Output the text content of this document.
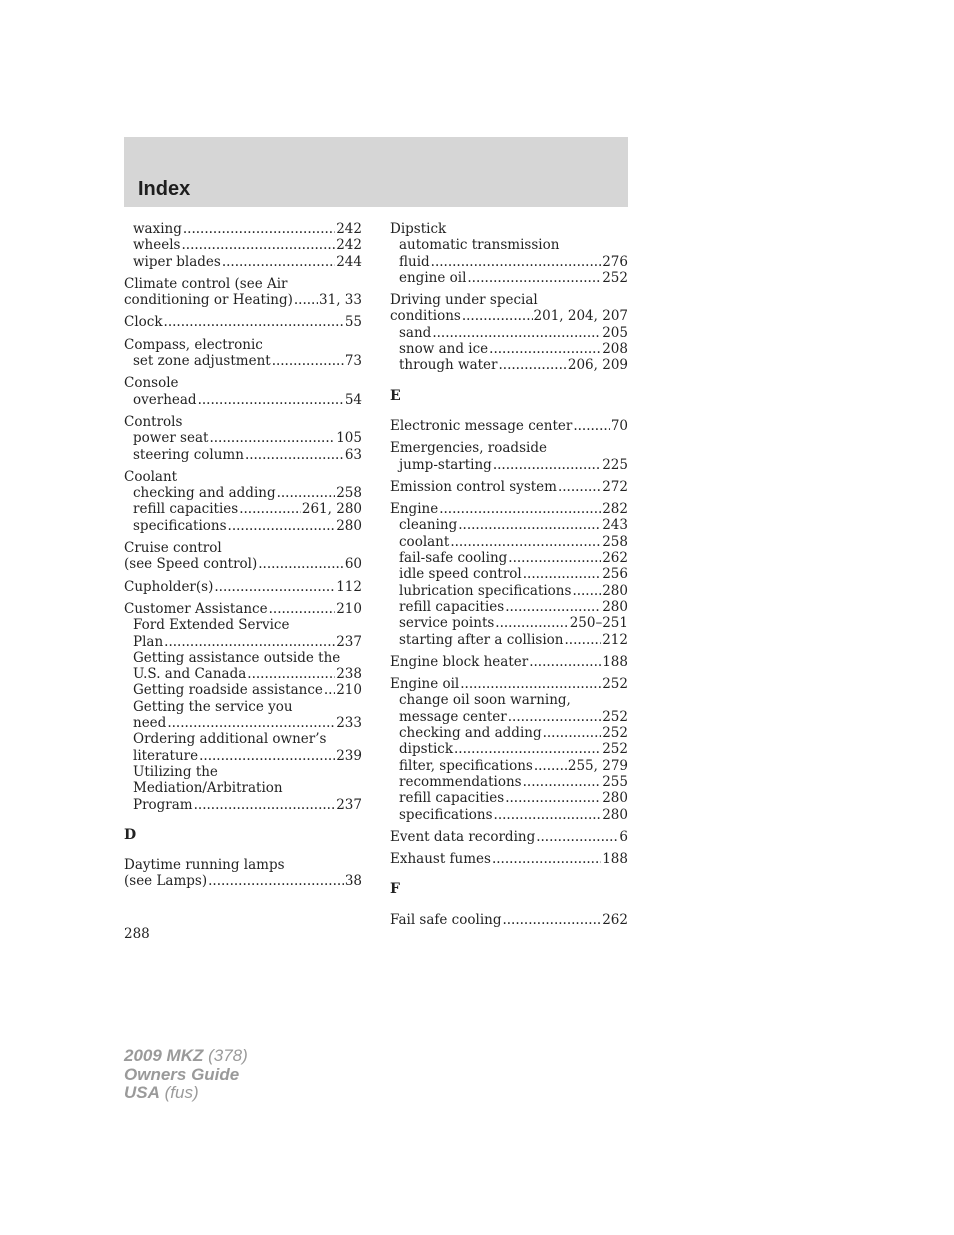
Index
waxing .....	242
wheels .....	242
wiper blades .....	244
Climate control (see Air
conditioning or Heating) ..... 31, 33
Clock .....	55
Compass, electronic
set zone adjustment .....	73
Console
overhead .....	54
Controls
power seat .....	105
steering column .....	63
Coolant
checking and adding .....	258
refill capacities .....	261, 280
specifications .....	280
Cruise control
(see Speed control) .....	60
Cupholder(s) .....	112
Customer Assistance .....	210
Ford Extended Service
Plan .....	237
Getting assistance outside the
U.S. and Canada .....	238
Getting roadside assistance ..... 210
Getting the service you
need .....	233
Ordering additional owner’s
literature .....	239
Utilizing the
Mediation/Arbitration
Program .....	237
D
Daytime running lamps
(see Lamps) .....	38
Dipstick
automatic transmission
fluid .....	276
engine oil .....	252
Driving under special
conditions .....	201, 204, 207
sand .....	205
snow and ice .....	208
through water .....	206, 209
E
Electronic message center .....	70
Emergencies, roadside
jump-starting .....	225
Emission control system .....	272
Engine .....	282
cleaning .....	243
coolant .....	258
fail-safe cooling .....	262
idle speed control .....	256
lubrication specifications ..... 280
refill capacities .....	280
service points .....	250–251
starting after a collision .....	212
Engine block heater .....	188
Engine oil .....	252
change oil soon warning,
message center .....	252
checking and adding .....	252
dipstick .....	252
filter, specifications .....	255, 279
recommendations .....	255
refill capacities .....	280
specifications .....	280
Event data recording .....	6
Exhaust fumes .....	188
F
Fail safe cooling .....	262
288
2009 MKZ (378)
Owners Guide
USA (fus)
